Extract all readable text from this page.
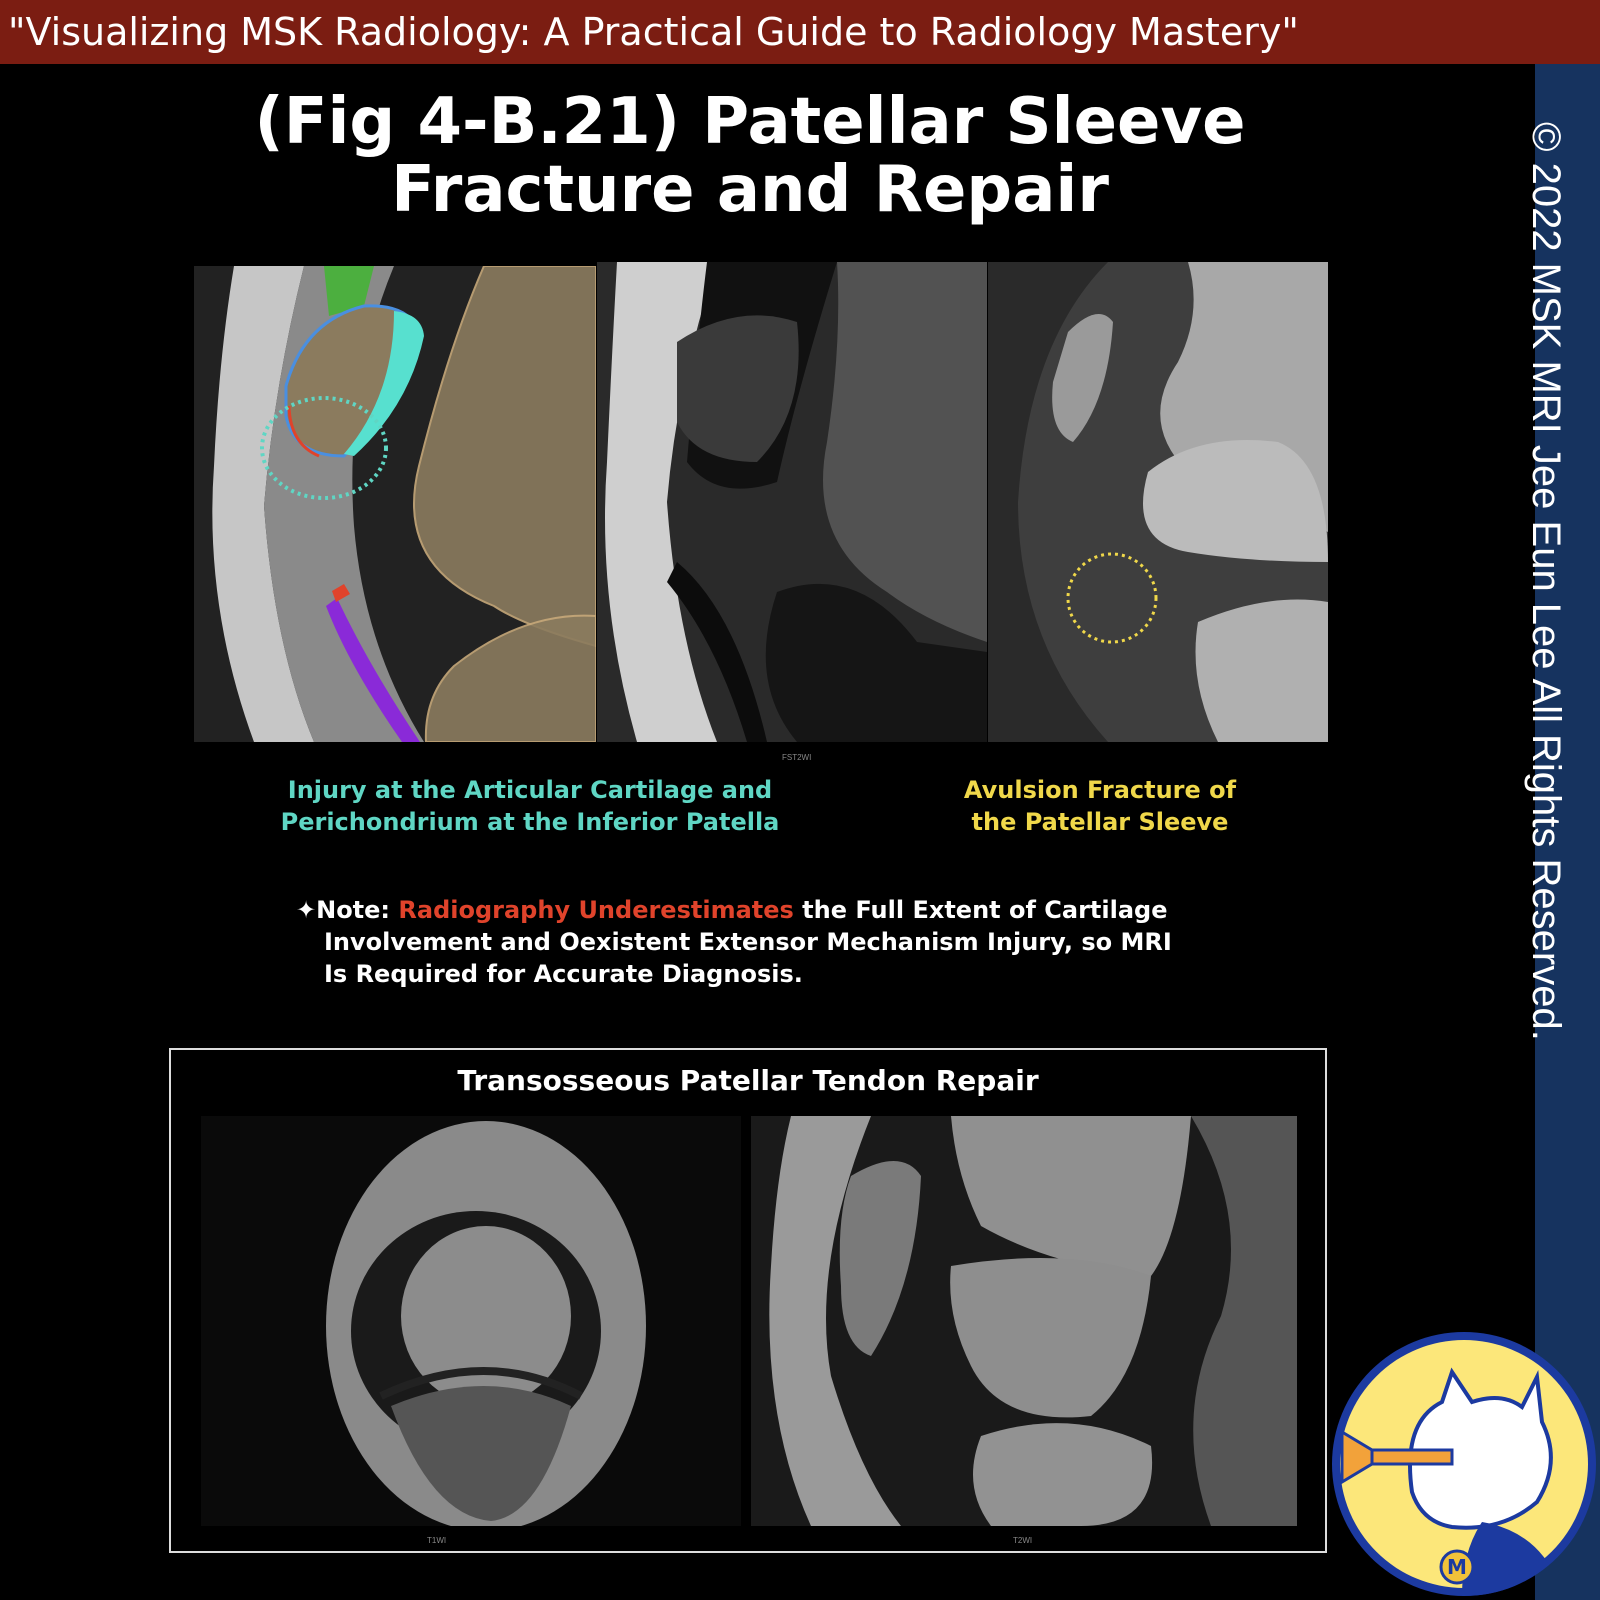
"Visualizing MSK Radiology: A Practical Guide to Radiology Mastery"
© 2022 MSK MRI Jee Eun Lee All Rights Reserved.
(Fig 4-B.21) Patellar Sleeve
Fracture and Repair
FST2WI
Injury at the Articular Cartilage and
Perichondrium at the Inferior Patella
Avulsion Fracture of
the Patellar Sleeve
✦Note: Radiography Underestimates the Full Extent of Cartilage
Involvement and Oexistent Extensor Mechanism Injury, so MRI
Is Required for Accurate Diagnosis.
Transosseous Patellar Tendon Repair
T1WI	T2WI
M
